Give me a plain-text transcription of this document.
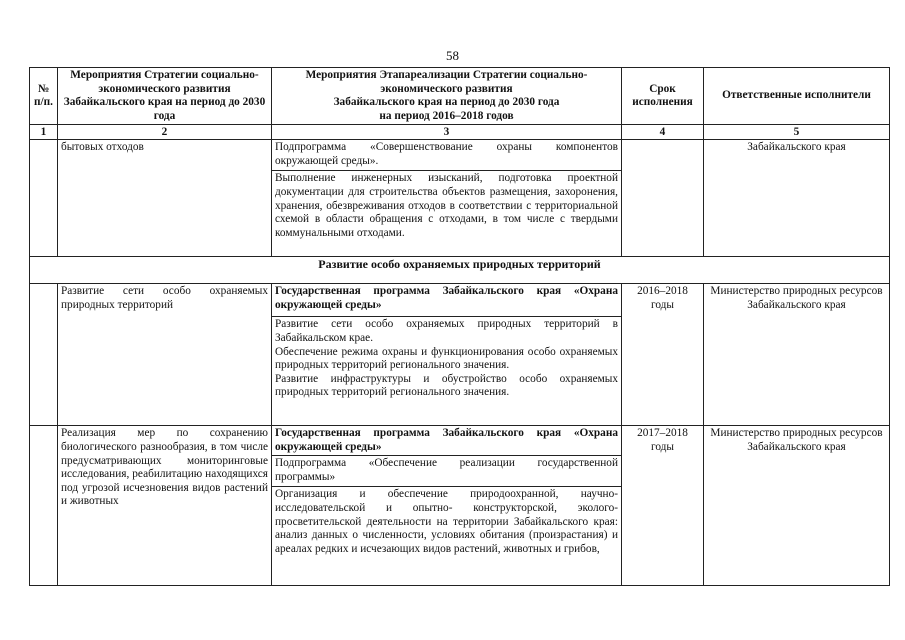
58
№ п/п.	Мероприятия Стратегии социально-экономического развития Забайкальского края на период до 2030 года	Мероприятия Этапареализации Стратегии социально-экономического развития
Забайкальского края на период до 2030 года
на период 2016–2018 годов	Срок исполнения	Ответственные исполнители
1	2	3	4	5
	бытовых отходов	Подпрограмма «Совершенствование охраны компонентов окружающей среды».
Выполнение инженерных изысканий, подготовка проектной документации для строительства объектов размещения, захоронения, хранения, обезвреживания отходов в соответствии с территориальной схемой в области обращения с отходами, в том числе с твердыми коммунальными отходами.		Забайкальского края
Развитие особо охраняемых природных территорий				
	Развитие сети особо охраняемых природных территорий	Государственная программа Забайкальского края «Охрана окружающей среды»
Развитие сети особо охраняемых природных территорий в Забайкальском крае.
Обеспечение режима охраны и функционирования особо охраняемых природных территорий регионального значения.
Развитие инфраструктуры и обустройство особо охраняемых природных территорий регионального значения.	2016–2018 годы	Министерство природных ресурсов Забайкальского края
	Реализация мер по сохранению биологического разнообразия, в том числе предусматривающих мониторинговые исследования, реабилитацию находящихся под угрозой исчезновения видов растений и животных	Государственная программа Забайкальского края «Охрана окружающей среды»
Подпрограмма «Обеспечение реализации государственной программы»
Организация и обеспечение природоохранной, научно-исследовательской и опытно- конструкторской, эколого-просветительской деятельности на территории Забайкальского края: анализ данных о численности, условиях обитания (произрастания) и ареалах редких и исчезающих видов растений, животных и грибов,	2017–2018 годы	Министерство природных ресурсов Забайкальского края
